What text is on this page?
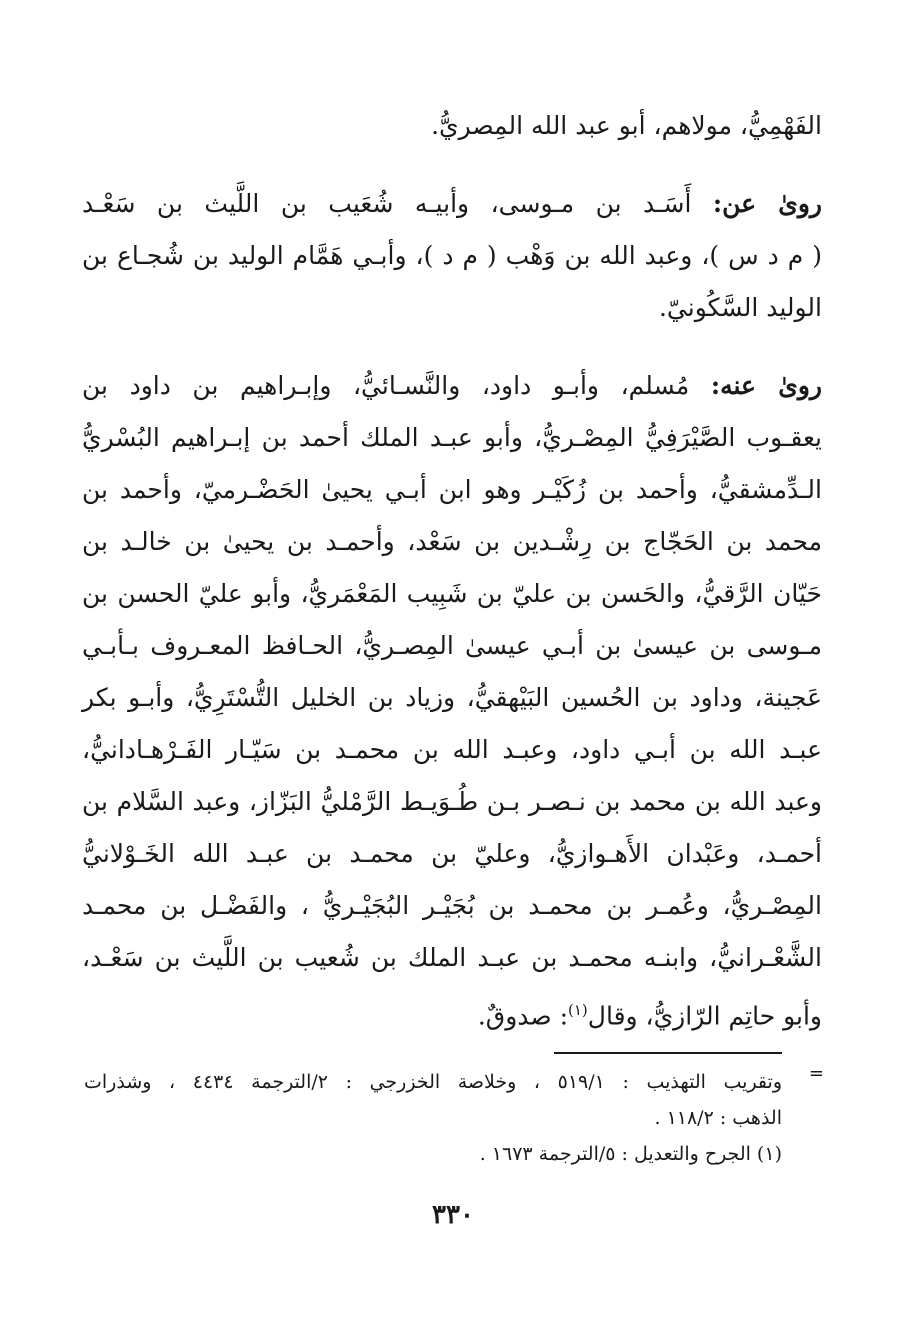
الفَهْمِيُّ، مولاهم، أبو عبد الله المِصريُّ.

روىٰ عن: أَسَـد بن مـوسى، وأبيـه شُعَيب بن اللَّيث بن سَعْـد
( م د س )، وعبد الله بن وَهْب ( م د )، وأبـي هَمَّام الوليد بن شُجـاع بن
الوليد السَّكُونيّ.

روىٰ عنه: مُسلم، وأبـو داود، والنَّسـائيُّ، وإبـراهيم بن داود بن
يعقـوب الصَّيْرَفِيُّ المِصْـريُّ، وأبو عبـد الملك أحمد بن إبـراهيم البُسْريُّ
الـدِّمشقيُّ، وأحمد بن زُكَيْـر وهو ابن أبـي يحيىٰ الحَضْـرميّ، وأحمد بن
محمد بن الحَجّاج بن رِشْـدين بن سَعْد، وأحمـد بن يحيىٰ بن خالـد بن
حَيّان الرَّقيُّ، والحَسن بن عليّ بن شَبِيب المَعْمَريُّ، وأبو عليّ الحسن بن
مـوسى بن عيسىٰ بن أبـي عيسىٰ المِصـريُّ، الحـافظ المعـروف بـأبـي
عَجينة، وداود بن الحُسين البَيْهقيُّ، وزياد بن الخليل التُّسْتَرِيُّ، وأبـو بكر
عبـد الله بن أبـي داود، وعبـد الله بن محمـد بن سَيّـار الفَـرْهـادانيُّ،
وعبد الله بن محمد بن نـصـر بـن طُـوَيـط الرَّمْليُّ البَزّاز، وعبد السَّلام بن
أحمـد، وعَبْدان الأَهـوازيُّ، وعليّ بن محمـد بن عبـد الله الخَـوْلانيُّ
المِصْـريُّ، وعُمـر بن محمـد بن بُجَيْـر البُجَيْـريُّ ، والفَضْـل بن محمـد
الشَّعْـرانيُّ، وابنـه محمـد بن عبـد الملك بن شُعيب بن اللَّيث بن سَعْـد،
وأبو حاتِم الرّازيُّ، وقال$^{(١)}$: صدوقٌ.

=
وتقريب التهذيب : ٥١٩/١ ، وخلاصة الخزرجي : ٢/الترجمة ٤٤٣٤ ، وشذرات
الذهب : ١١٨/٢ .
(١) الجرح والتعديل : ٥/الترجمة ١٦٧٣ .
٣٣٠
